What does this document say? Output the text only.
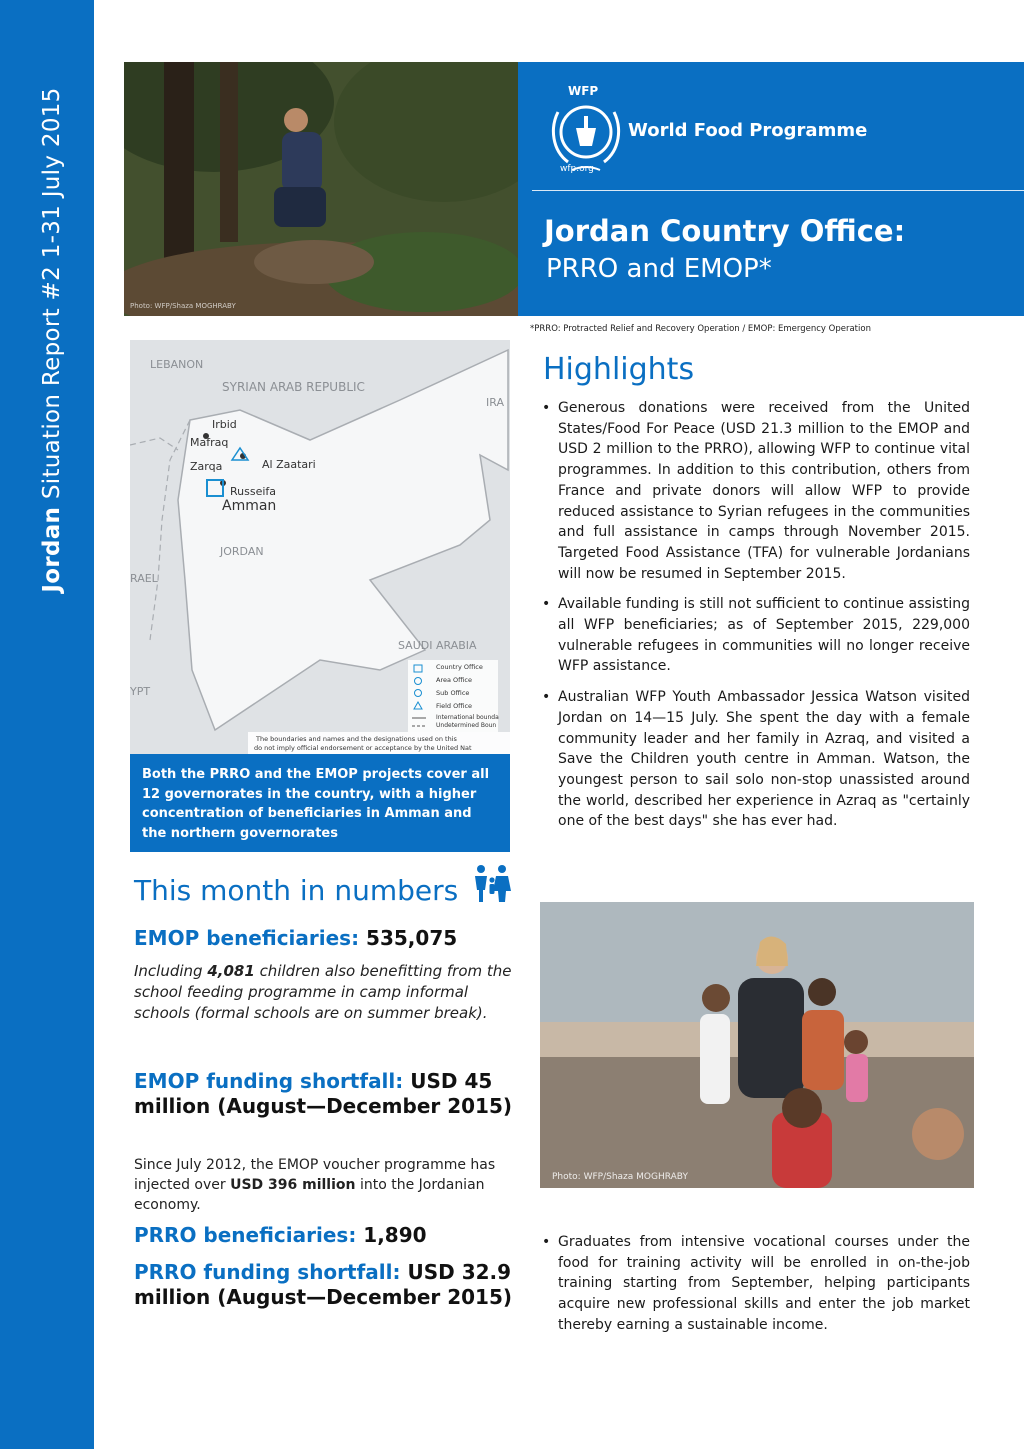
Jordan Situation Report #2 1-31 July 2015
Photo: WFP/Shaza MOGHRABY
WFP
World Food Programme
wfp.org
Jordan Country Office:
PRRO and EMOP*
*PRRO: Protracted Relief and Recovery Operation / EMOP: Emergency Operation
LEBANON
SYRIAN ARAB REPUBLIC
IRA
Irbid
Mafraq
Zarqa	Al Zaatari
Russeifa
Amman
JORDAN
RAEL
YPT
SAUDI ARABIA
Country Office
Area Office
Sub Office
Field Office
International bounda
Undetermined Boun
The boundaries and names and the designations used on this
do not imply official endorsement or acceptance by the United Nat
Both the PRRO and the EMOP projects cover all 12 governorates in the country, with a higher concentration of beneficiaries in Amman and the northern governorates
This month in numbers
EMOP beneficiaries: 535,075
Including 4,081 children also benefitting from the school feeding programme in camp informal schools (formal schools are on summer break).
EMOP funding shortfall: USD 45 million (August—December 2015)
Since July 2012, the EMOP voucher programme has injected over USD 396 million into the Jordanian economy.
PRRO beneficiaries: 1,890
PRRO funding shortfall: USD 32.9 million (August—December 2015)
Highlights
• Generous donations were received from the United States/Food For Peace (USD 21.3 million to the EMOP and USD 2 million to the PRRO), allowing WFP to continue vital programmes. In addition to this contribution, others from France and private donors will allow WFP to provide reduced assistance to Syrian refugees in the communities and full assistance in camps through November 2015. Targeted Food Assistance (TFA) for vulnerable Jordanians will now be resumed in September 2015.
• Available funding is still not sufficient to continue assisting all WFP beneficiaries; as of September 2015, 229,000 vulnerable refugees in communities will no longer receive WFP assistance.
• Australian WFP Youth Ambassador Jessica Watson visited Jordan on 14—15 July. She spent the day with a female community leader and her family in Azraq, and visited a Save the Children youth centre in Amman. Watson, the youngest person to sail solo non-stop unassisted around the world, described her experience in Azraq as "certainly one of the best days" she has ever had.
Photo: WFP/Shaza MOGHRABY
• Graduates from intensive vocational courses under the food for training activity will be enrolled in on-the-job training starting from September, helping participants acquire new professional skills and enter the job market thereby earning a sustainable income.
